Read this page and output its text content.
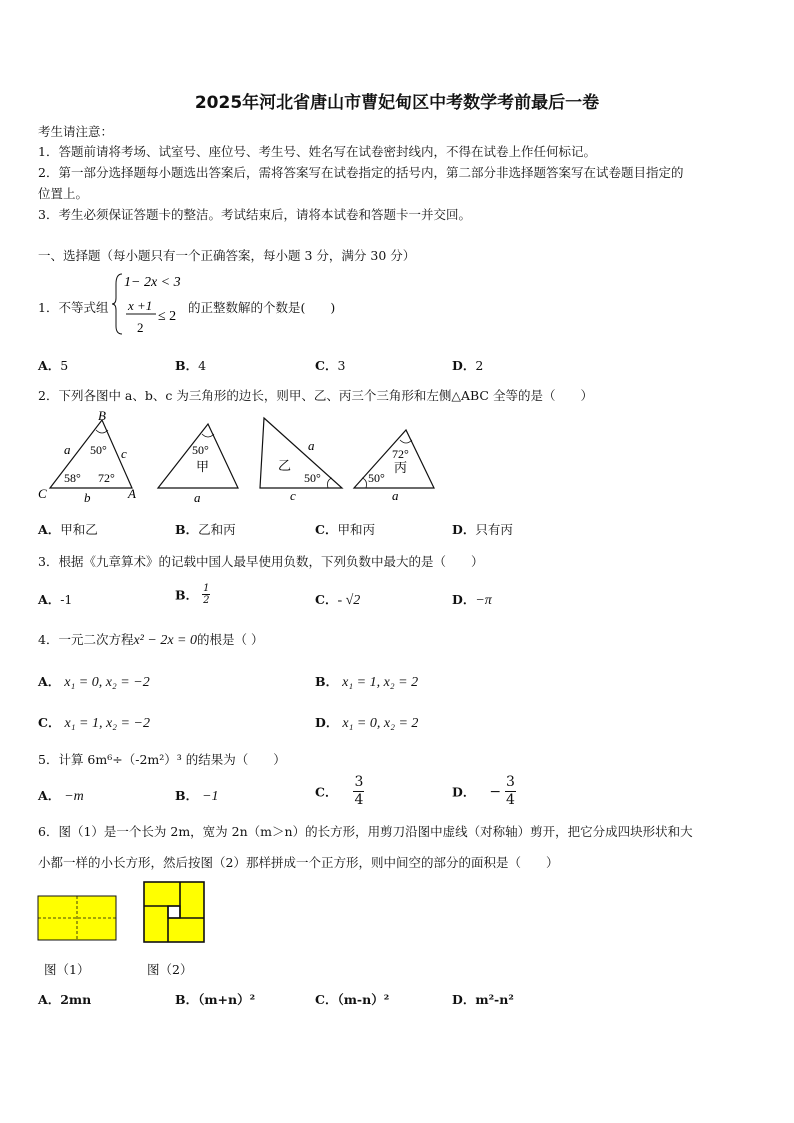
2025年河北省唐山市曹妃甸区中考数学考前最后一卷
考生请注意：
1．答题前请将考场、试室号、座位号、考生号、姓名写在试卷密封线内，不得在试卷上作任何标记。
2．第一部分选择题每小题选出答案后，需将答案写在试卷指定的括号内，第二部分非选择题答案写在试卷题目指定的
位置上。
3．考生必须保证答题卡的整洁。考试结束后，请将本试卷和答题卡一并交回。
一、选择题（每小题只有一个正确答案，每小题 3 分，满分 30 分）
1．不等式组
1− 2x < 3
x +1
2
≤ 2
的正整数解的个数是(　　)
A．5	B．4	C．3	D．2
2．下列各图中 a、b、c 为三角形的边长，则甲、乙、丙三个三角形和左侧△ABC 全等的是（　　）
B
C	A
a	c
b
50°
58° 72°
50°
甲
a
a
乙
50°
c
72°
丙
50°
a
A．甲和乙	B．乙和丙	C．甲和丙	D．只有丙
3．根据《九章算术》的记载中国人最早使用负数，下列负数中最大的是（　　）
A．-1	B． $\frac{1}{2}$	C．- √2	D．−π
4．一元二次方程x² − 2x = 0的根是（ ）
A． x₁ = 0, x₂ = −2	B． x₁ = 1, x₂ = 2
C． x₁ = 1, x₂ = −2	D． x₁ = 0, x₂ = 2
5．计算 6m⁶÷（-2m²）³ 的结果为（　　）
A． −m	B． −1	C． $\frac{3}{4}$	D． − $\frac{3}{4}$
6．图（1）是一个长为 2m，宽为 2n（m＞n）的长方形，用剪刀沿图中虚线（对称轴）剪开，把它分成四块形状和大
小都一样的小长方形，然后按图（2）那样拼成一个正方形，则中间空的部分的面积是（　　）
图（1）	图（2）
A．2mn	B．（m+n）²	C．（m-n）²	D．m²-n²
